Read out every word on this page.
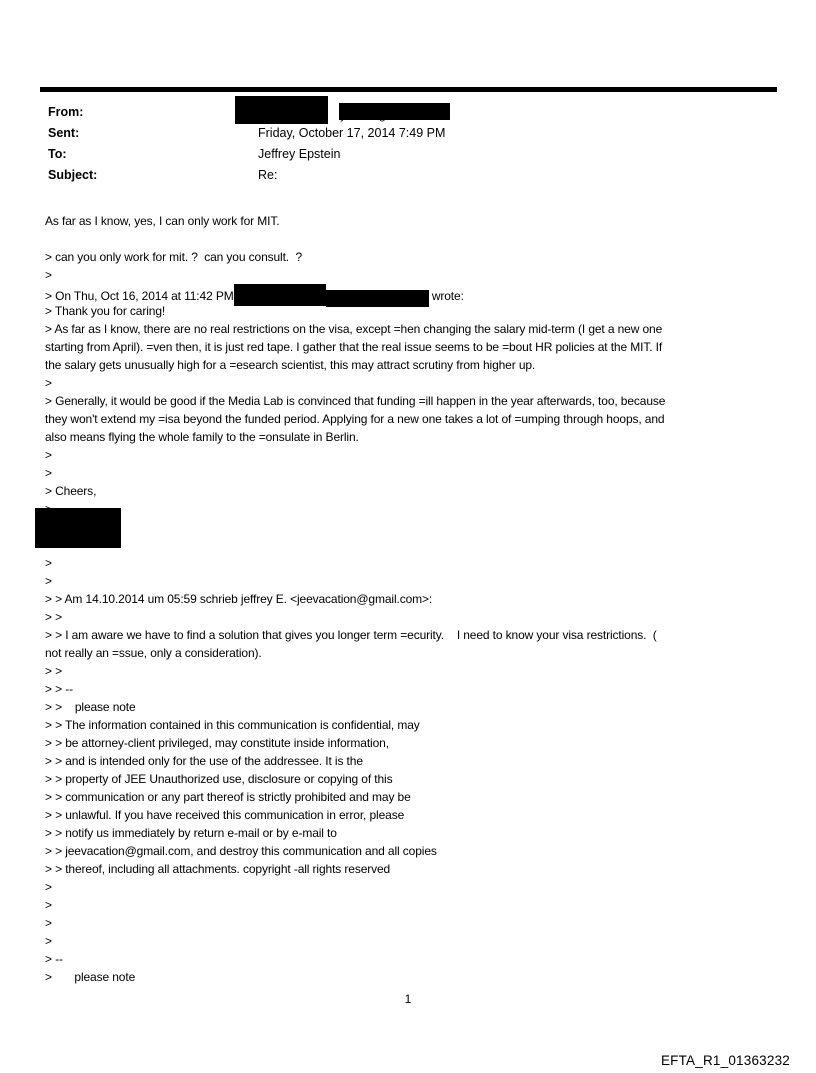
From:
Sent:	Friday, October 17, 2014 7:49 PM
To:	Jeffrey Epstein
Subject:	Re:
As far as I know, yes, I can only work for MIT.
> can you only work for mit. ?  can you consult.  ?
>
> On Thu, Oct 16, 2014 at 11:42 PM	wrote:
> Thank you for caring!
> As far as I know, there are no real restrictions on the visa, except =hen changing the salary mid-term (I get a new one
starting from April). =ven then, it is just red tape. I gather that the real issue seems to be =bout HR policies at the MIT. If
the salary gets unusually high for a =esearch scientist, this may attract scrutiny from higher up.
>
> Generally, it would be good if the Media Lab is convinced that funding =ill happen in the year afterwards, too, because
they won't extend my =isa beyond the funded period. Applying for a new one takes a lot of =umping through hoops, and
also means flying the whole family to the =onsulate in Berlin.
>
>
> Cheers,
>
>
> > Am 14.10.2014 um 05:59 schrieb jeffrey E. <jeevacation@gmail.com>:
> >
> > I am aware we have to find a solution that gives you longer term =ecurity.    I need to know your visa restrictions.  (
not really an =ssue, only a consideration).
> >
> > --
> >    please note
> > The information contained in this communication is confidential, may
> > be attorney-client privileged, may constitute inside information,
> > and is intended only for the use of the addressee. It is the
> > property of JEE Unauthorized use, disclosure or copying of this
> > communication or any part thereof is strictly prohibited and may be
> > unlawful. If you have received this communication in error, please
> > notify us immediately by return e-mail or by e-mail to
> > jeevacation@gmail.com, and destroy this communication and all copies
> > thereof, including all attachments. copyright -all rights reserved
>
>
>
>
> --
>       please note
1
EFTA_R1_01363232
